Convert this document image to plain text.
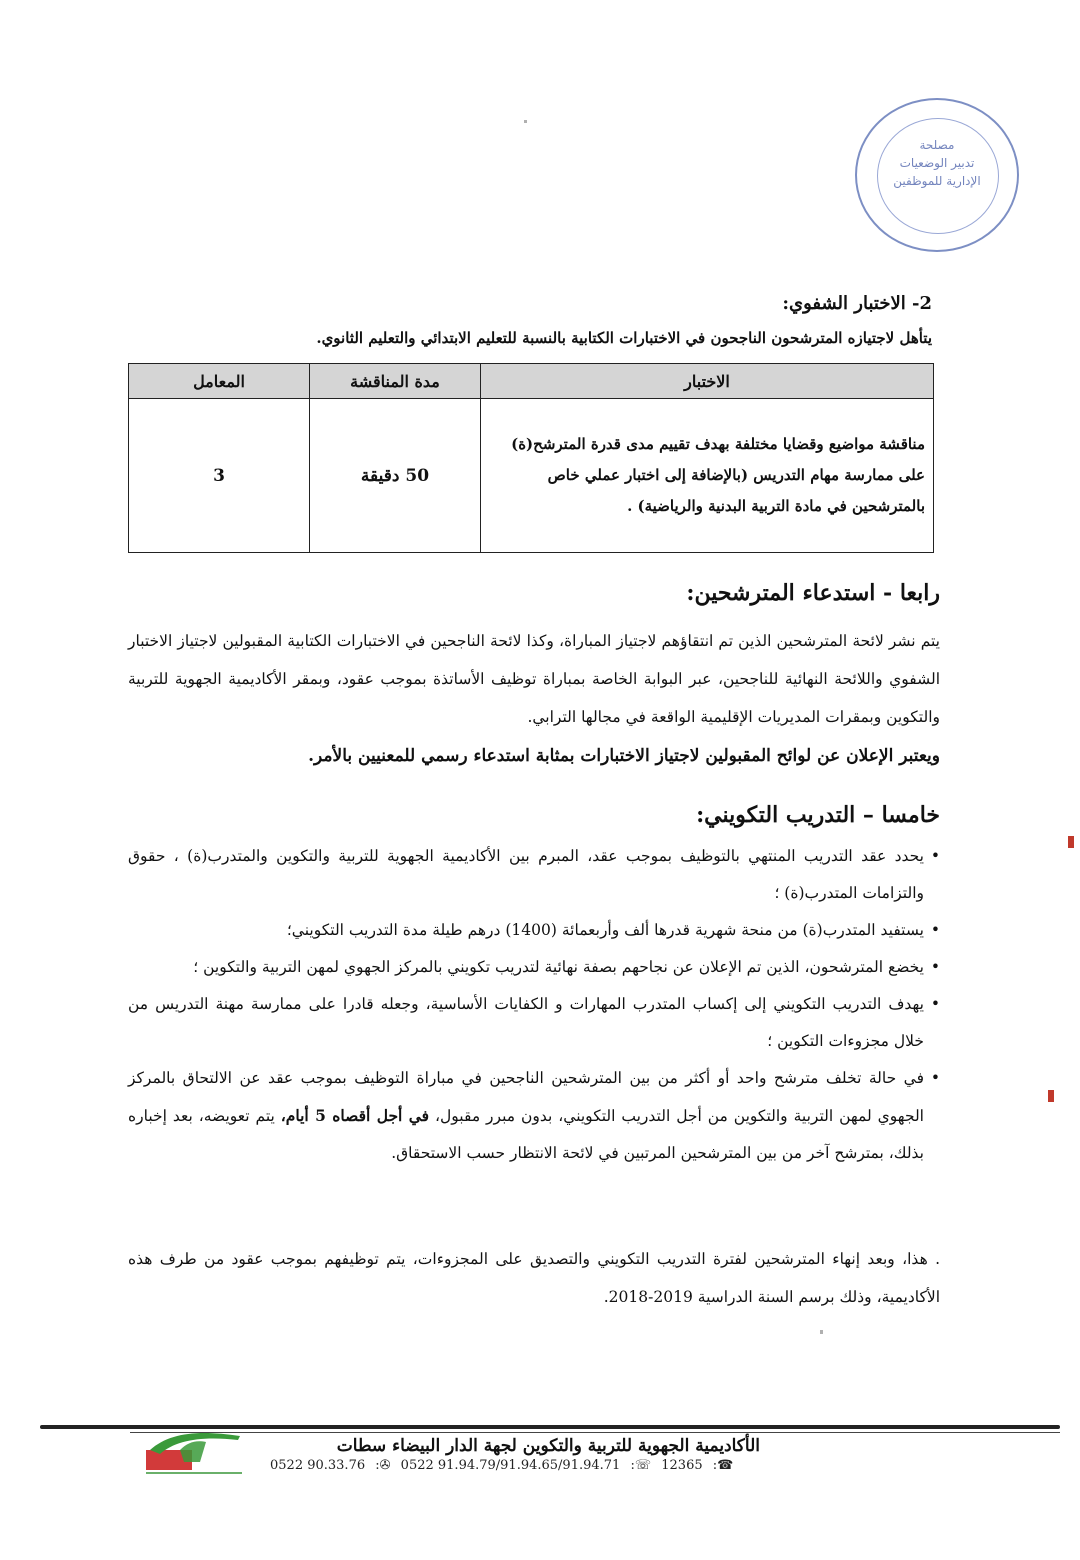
مصلحة
تدبير الوضعيات
الإدارية للموظفين
2- الاختبار الشفوي:
يتأهل لاجتيازه المترشحون الناجحون في الاختبارات الكتابية بالنسبة للتعليم الابتدائي والتعليم الثانوي.
الاختبار	مدة المناقشة	المعامل
مناقشة مواضيع وقضايا مختلفة بهدف تقييم مدى قدرة المترشح(ة) على ممارسة مهام التدريس (بالإضافة إلى اختبار عملي خاص بالمترشحين في مادة التربية البدنية والرياضية) .	50 دقيقة	3
رابعا - استدعاء المترشحين:
يتم نشر لائحة المترشحين الذين تم انتقاؤهم لاجتياز المباراة، وكذا لائحة الناجحين في الاختبارات الكتابية المقبولين لاجتياز الاختبار الشفوي واللائحة النهائية للناجحين، عبر البوابة الخاصة بمباراة توظيف الأساتذة بموجب عقود، وبمقر الأكاديمية الجهوية للتربية والتكوين وبمقرات المديريات الإقليمية الواقعة في مجالها الترابي.
ويعتبر الإعلان عن لوائح المقبولين لاجتياز الاختبارات بمثابة استدعاء رسمي للمعنيين بالأمر.
خامسا – التدريب التكويني:
• يحدد عقد التدريب المنتهي بالتوظيف بموجب عقد، المبرم بين الأكاديمية الجهوية للتربية والتكوين والمتدرب(ة) ، حقوق والتزامات المتدرب(ة) ؛
• يستفيد المتدرب(ة) من منحة شهرية قدرها ألف وأربعمائة (1400) درهم طيلة مدة التدريب التكويني؛
• يخضع المترشحون، الذين تم الإعلان عن نجاحهم بصفة نهائية لتدريب تكويني بالمركز الجهوي لمهن التربية والتكوين ؛
• يهدف التدريب التكويني إلى إكساب المتدرب المهارات و الكفايات الأساسية، وجعله قادرا على ممارسة مهنة التدريس من خلال مجزوءات التكوين ؛
• في حالة تخلف مترشح واحد أو أكثر من بين المترشحين الناجحين في مباراة التوظيف بموجب عقد عن الالتحاق بالمركز الجهوي لمهن التربية والتكوين من أجل التدريب التكويني، بدون مبرر مقبول، في أجل أقصاه 5 أيام، يتم تعويضه، بعد إخباره بذلك، بمترشح آخر من بين المترشحين المرتبين في لائحة الانتظار حسب الاستحقاق.
. هذا، وبعد إنهاء المترشحين لفترة التدريب التكويني والتصديق على المجزوءات، يتم توظيفهم بموجب عقود من طرف هذه الأكاديمية، وذلك برسم السنة الدراسية 2019-2018.
الأكاديمية الجهوية للتربية والتكوين لجهة الدار البيضاء سطات
0522 90.33.76 :✇ 0522 91.94.79/91.94.65/91.94.71 :☏ 12365 :☎
